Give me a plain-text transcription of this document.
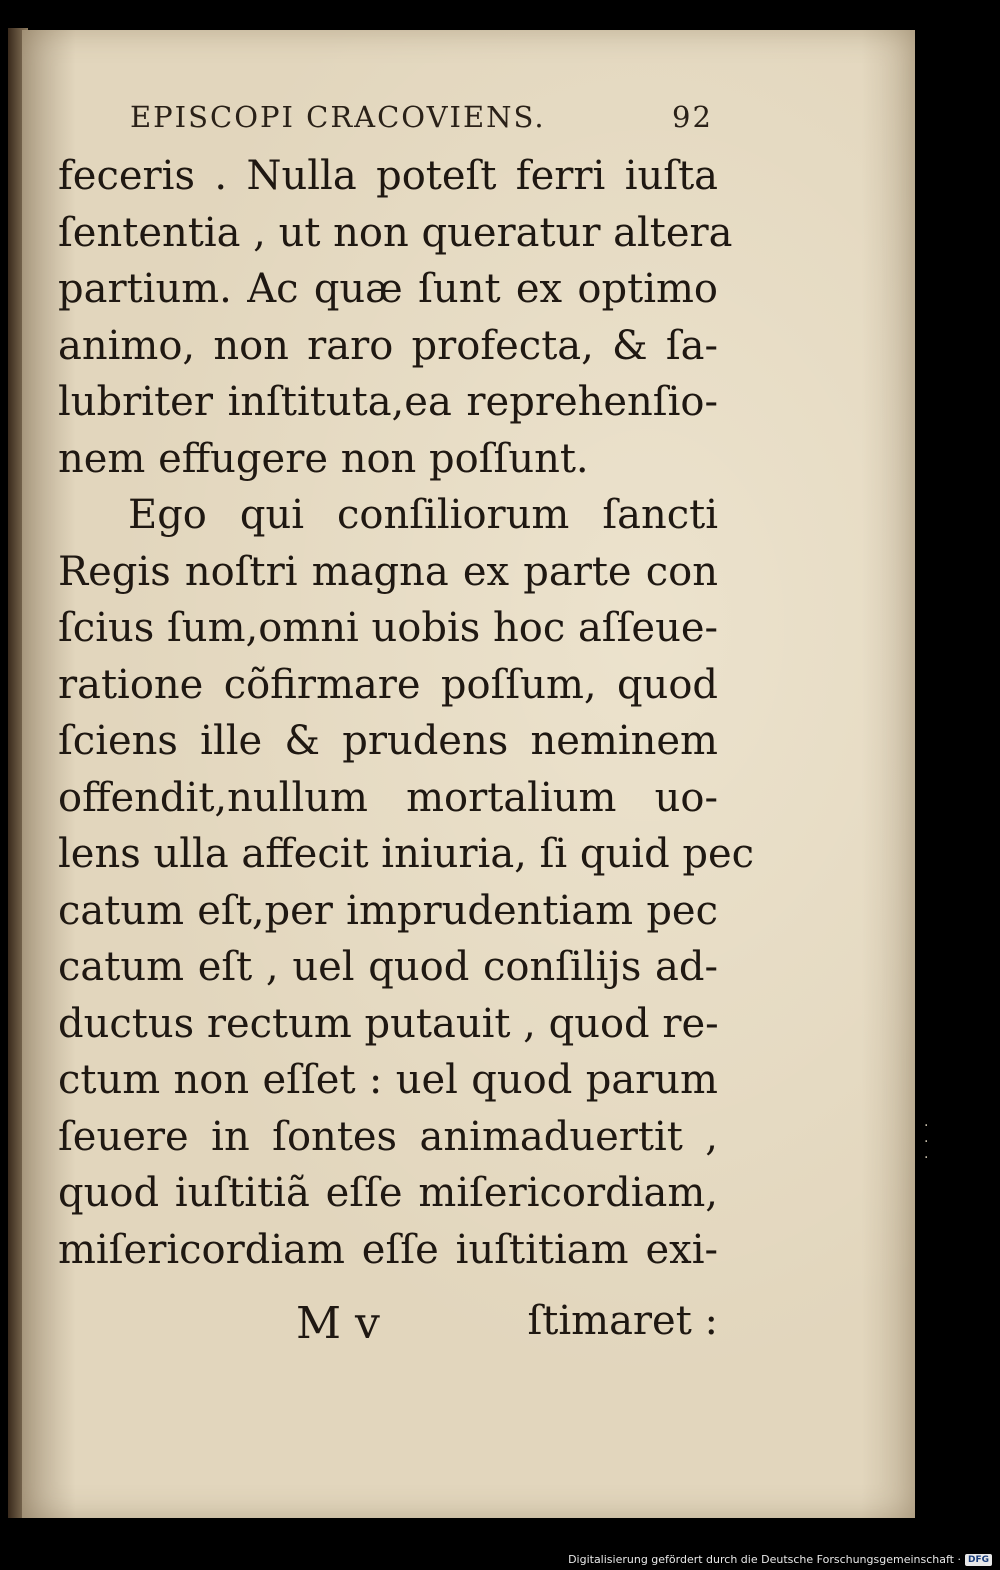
EPISCOPI CRACOVIENS.	92
feceris . Nulla poteſt ferri iuſta
ſententia , ut non queratur altera
partium. Ac quæ ſunt ex optimo
animo, non raro profecta, & ſa-
lubriter inſtituta,ea reprehenſio-
nem effugere non poſſunt.
Ego qui conſiliorum ſancti
Regis noſtri magna ex parte con
ſcius ſum,omni uobis hoc aſſeue-
ratione cõfirmare poſſum, quod
ſciens ille & prudens neminem
offendit,nullum mortalium uo-
lens ulla affecit iniuria, ſi quid pec
catum eſt,per imprudentiam pec
catum eſt , uel quod conſilijs ad-
ductus rectum putauit , quod re-
ctum non eſſet : uel quod parum
ſeuere in ſontes animaduertit ,
quod iuſtitiã eſſe miſericordiam,
miſericordiam eſſe iuſtitiam exi-
M v	ſtimaret :
· · ·
Digitalisierung gefördert durch die Deutsche Forschungsgemeinschaft · DFG
